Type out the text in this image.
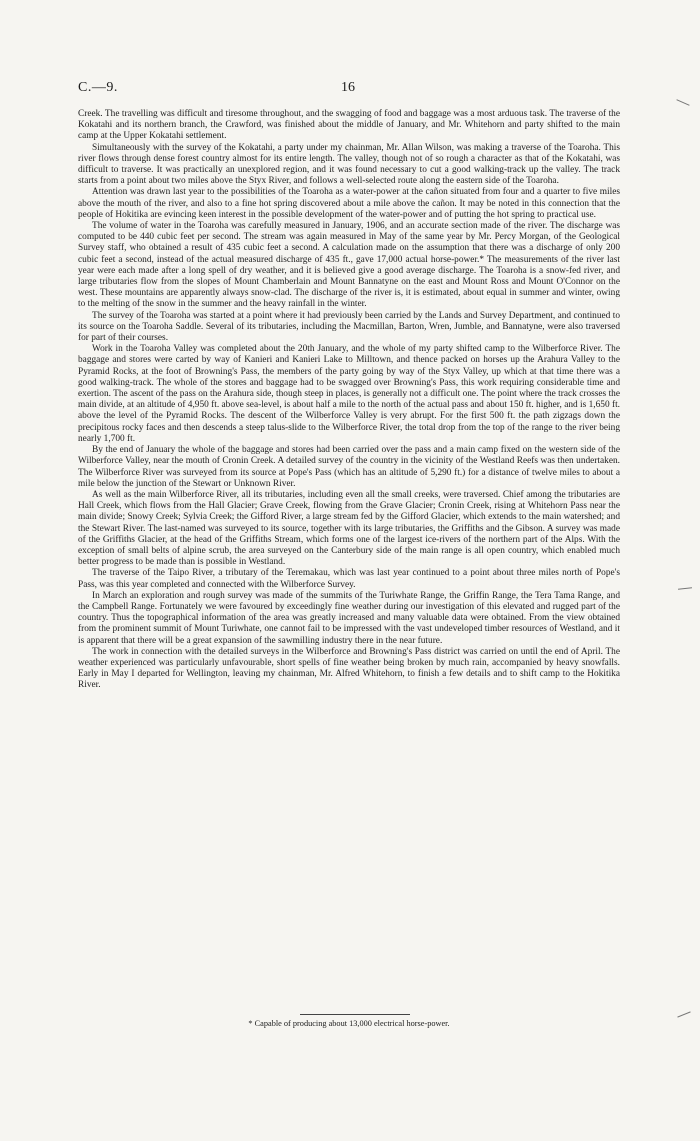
C.—9.	16

Creek. The travelling was difficult and tiresome throughout, and the swagging of food and baggage was a most arduous task. The traverse of the Kokatahi and its northern branch, the Crawford, was finished about the middle of January, and Mr. Whitehorn and party shifted to the main camp at the Upper Kokatahi settlement.

Simultaneously with the survey of the Kokatahi, a party under my chainman, Mr. Allan Wilson, was making a traverse of the Toaroha. This river flows through dense forest country almost for its entire length. The valley, though not of so rough a character as that of the Kokatahi, was difficult to traverse. It was practically an unexplored region, and it was found necessary to cut a good walking-track up the valley. The track starts from a point about two miles above the Styx River, and follows a well-selected route along the eastern side of the Toaroha.

Attention was drawn last year to the possibilities of the Toaroha as a water-power at the cañon situated from four and a quarter to five miles above the mouth of the river, and also to a fine hot spring discovered about a mile above the cañon. It may be noted in this connection that the people of Hokitika are evincing keen interest in the possible development of the water-power and of putting the hot spring to practical use.

The volume of water in the Toaroha was carefully measured in January, 1906, and an accurate section made of the river. The discharge was computed to be 440 cubic feet per second. The stream was again measured in May of the same year by Mr. Percy Morgan, of the Geological Survey staff, who obtained a result of 435 cubic feet a second. A calculation made on the assumption that there was a discharge of only 200 cubic feet a second, instead of the actual measured discharge of 435 ft., gave 17,000 actual horse-power.* The measurements of the river last year were each made after a long spell of dry weather, and it is believed give a good average discharge. The Toaroha is a snow-fed river, and large tributaries flow from the slopes of Mount Chamberlain and Mount Bannatyne on the east and Mount Ross and Mount O'Connor on the west. These mountains are apparently always snow-clad. The discharge of the river is, it is estimated, about equal in summer and winter, owing to the melting of the snow in the summer and the heavy rainfall in the winter.

The survey of the Toaroha was started at a point where it had previously been carried by the Lands and Survey Department, and continued to its source on the Toaroha Saddle. Several of its tributaries, including the Macmillan, Barton, Wren, Jumble, and Bannatyne, were also traversed for part of their courses.

Work in the Toaroha Valley was completed about the 20th January, and the whole of my party shifted camp to the Wilberforce River. The baggage and stores were carted by way of Kanieri and Kanieri Lake to Milltown, and thence packed on horses up the Arahura Valley to the Pyramid Rocks, at the foot of Browning's Pass, the members of the party going by way of the Styx Valley, up which at that time there was a good walking-track. The whole of the stores and baggage had to be swagged over Browning's Pass, this work requiring considerable time and exertion. The ascent of the pass on the Arahura side, though steep in places, is generally not a difficult one. The point where the track crosses the main divide, at an altitude of 4,950 ft. above sea-level, is about half a mile to the north of the actual pass and about 150 ft. higher, and is 1,650 ft. above the level of the Pyramid Rocks. The descent of the Wilberforce Valley is very abrupt. For the first 500 ft. the path zigzags down the precipitous rocky faces and then descends a steep talus-slide to the Wilberforce River, the total drop from the top of the range to the river being nearly 1,700 ft.

By the end of January the whole of the baggage and stores had been carried over the pass and a main camp fixed on the western side of the Wilberforce Valley, near the mouth of Cronin Creek. A detailed survey of the country in the vicinity of the Westland Reefs was then undertaken. The Wilberforce River was surveyed from its source at Pope's Pass (which has an altitude of 5,290 ft.) for a distance of twelve miles to about a mile below the junction of the Stewart or Unknown River.

As well as the main Wilberforce River, all its tributaries, including even all the small creeks, were traversed. Chief among the tributaries are Hall Creek, which flows from the Hall Glacier; Grave Creek, flowing from the Grave Glacier; Cronin Creek, rising at Whitehorn Pass near the main divide; Snowy Creek; Sylvia Creek; the Gifford River, a large stream fed by the Gifford Glacier, which extends to the main watershed; and the Stewart River. The last-named was surveyed to its source, together with its large tributaries, the Griffiths and the Gibson. A survey was made of the Griffiths Glacier, at the head of the Griffiths Stream, which forms one of the largest ice-rivers of the northern part of the Alps. With the exception of small belts of alpine scrub, the area surveyed on the Canterbury side of the main range is all open country, which enabled much better progress to be made than is possible in Westland.

The traverse of the Taipo River, a tributary of the Teremakau, which was last year continued to a point about three miles north of Pope's Pass, was this year completed and connected with the Wilberforce Survey.

In March an exploration and rough survey was made of the summits of the Turiwhate Range, the Griffin Range, the Tera Tama Range, and the Campbell Range. Fortunately we were favoured by exceedingly fine weather during our investigation of this elevated and rugged part of the country. Thus the topographical information of the area was greatly increased and many valuable data were obtained. From the view obtained from the prominent summit of Mount Turiwhate, one cannot fail to be impressed with the vast undeveloped timber resources of Westland, and it is apparent that there will be a great expansion of the sawmilling industry there in the near future.

The work in connection with the detailed surveys in the Wilberforce and Browning's Pass district was carried on until the end of April. The weather experienced was particularly unfavourable, short spells of fine weather being broken by much rain, accompanied by heavy snowfalls. Early in May I departed for Wellington, leaving my chainman, Mr. Alfred Whitehorn, to finish a few details and to shift camp to the Hokitika River.

* Capable of producing about 13,000 electrical horse-power.
